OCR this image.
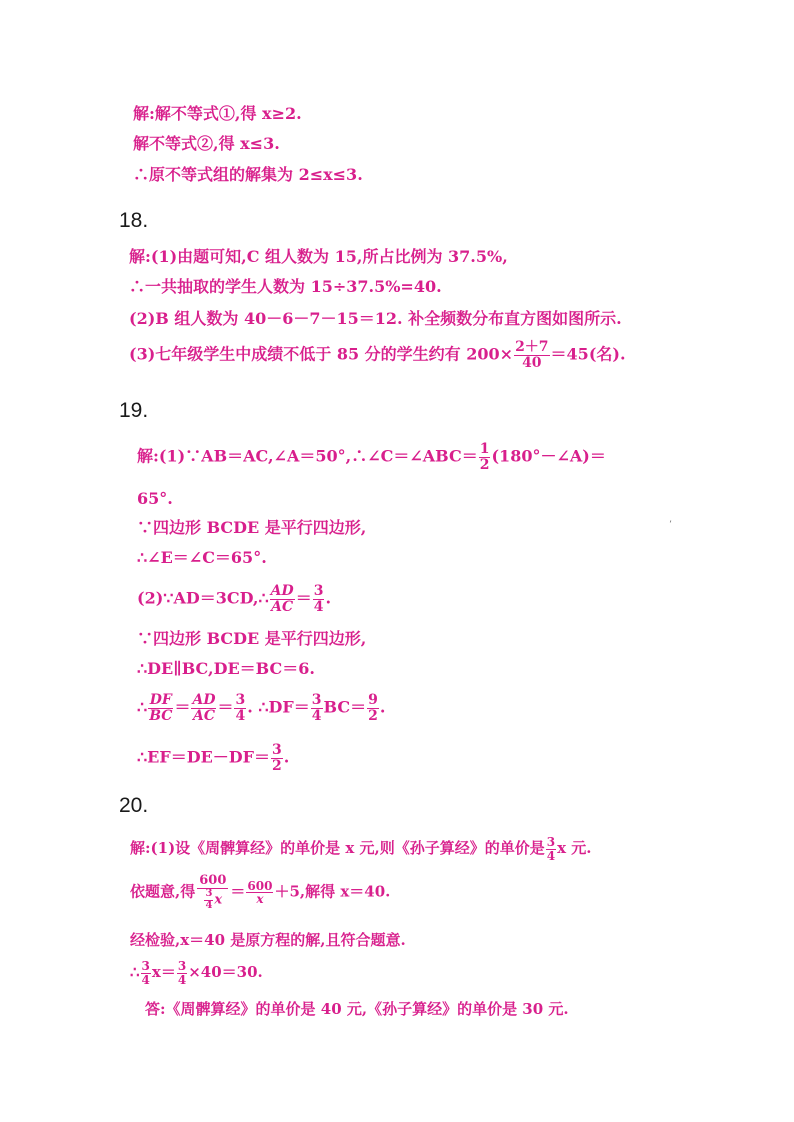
解:解不等式①,得 x≥2.
解不等式②,得 x≤3.
∴原不等式组的解集为 2≤x≤3.
18.
解:(1)由题可知,C 组人数为 15,所占比例为 37.5%,
∴一共抽取的学生人数为 15÷37.5%=40.
(2)B 组人数为 40－6－7－15＝12. 补全频数分布直方图如图所示.
(3)七年级学生中成绩不低于 85 分的学生约有 $200\times \frac{2+7}{40} =45$(名).
19.
解:(1)∵AB＝AC,∠A＝50°,∴∠C＝∠ABC＝ $\frac{1}{2}$ (180°－∠A)＝
65°.
∵四边形 BCDE 是平行四边形,
∴∠E＝∠C＝65°.
(2)∵AD＝3CD,∴ $\frac{AD}{AC} = \frac{3}{4}$ .
∵四边形 BCDE 是平行四边形,
∴DE∥BC,DE＝BC＝6.
∴ $\frac{DF}{BC} = \frac{AD}{AC} = \frac{3}{4}$ . ∴DF＝ $\frac{3}{4} BC= \frac{9}{2}$ .
∴EF＝DE－DF＝ $\frac{3}{2}$ .
20.
解:(1)设《周髀算经》的单价是 x 元,则《孙子算经》的单价是 $\frac{3}{4}$ x 元.
依题意,得 $\frac{600}{\frac{3}{4} x} = \frac{600}{x} +5$,解得 x＝40.
经检验,x＝40 是原方程的解,且符合题意.
∴ $\frac{3}{4} x= \frac{3}{4} \times 40=30$.
答:《周髀算经》的单价是 40 元,《孙子算经》的单价是 30 元.
ʼ
